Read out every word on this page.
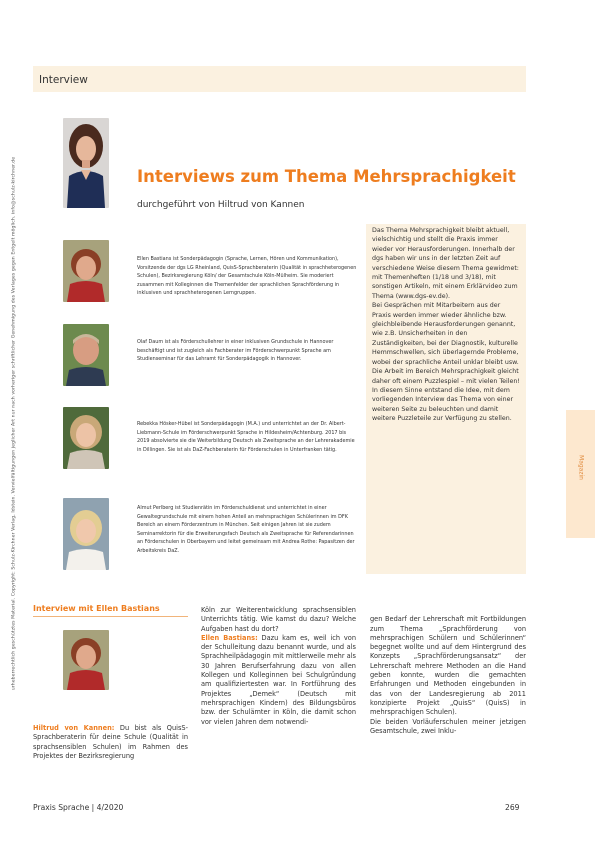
urheberrechtlich geschütztes Material. Copyright: Schulz-Kirchner Verlag, Idstein. Vervielfältigungen jeglicher Art nur nach vorheriger schriftlicher Genehmigung des Verlages gegen Entgelt möglich. info@schulz-kirchner.de
Interview
Interviews zum Thema Mehrsprachigkeit
durchgeführt von Hiltrud von Kannen
Ellen Bastians ist Sonderpädagogin (Sprache, Lernen, Hören und Kommunikation), Vorsitzende der dgs LG Rheinland, QuisS-Sprachberaterin (Qualität in sprachheterogenen Schulen), Bezirksregierung Köln/ der Gesamtschule Köln-Mülheim. Sie moderiert zusammen mit Kolleginnen die Themenfelder der sprachlichen Sprachförderung in inklusiven und sprachheterogenen Lerngruppen.
Olaf Daum ist als Förderschullehrer in einer inklusiven Grundschule in Hannover beschäftigt und ist zugleich als Fachberater im Förderschwerpunkt Sprache am Studienseminar für das Lehramt für Sonderpädagogik in Hannover.
Rebekka Hösker-Hübel ist Sonderpädagogin (M.A.) und unterrichtet an der Dr. Albert-Liebmann-Schule im Förderschwerpunkt Sprache in Hildesheim/Achtenburg. 2017 bis 2019 absolvierte sie die Weiterbildung Deutsch als Zweitsprache an der Lehrerakademie in Dillingen. Sie ist als DaZ-Fachberaterin für Förderschulen in Unterfranken tätig.
Almut Perlberg ist Studienrätin im Förderschuldienst und unterrichtet in einer Gewaltegrundschule mit einem hohen Anteil an mehrsprachigen Schülerinnen im DFK Bereich an einem Förderzentrum in München. Seit einigen Jahren ist sie zudem Seminarrektorin für die Erweiterungsfach Deutsch als Zweitsprache für Referendarinnen an Förderschulen in Oberbayern und leitet gemeinsam mit Andrea Rothe: Papasitzen der Arbeitskreis DaZ.

Das Thema Mehrsprachigkeit bleibt aktuell, vielschichtig und stellt die Praxis immer wieder vor Herausforderungen. Innerhalb der dgs haben wir uns in der letzten Zeit auf verschiedene Weise diesem Thema gewidmet: mit Themenheften (1/18 und 3/18), mit sonstigen Artikeln, mit einem Erklärvideo zum Thema (www.dgs-ev.de).

Bei Gesprächen mit Mitarbeitern aus der Praxis werden immer wieder ähnliche bzw. gleichbleibende Herausforderungen genannt, wie z.B. Unsicherheiten in den Zuständigkeiten, bei der Diagnostik, kulturelle Hemmschwellen, sich überlagernde Probleme, wobei der sprachliche Anteil unklar bleibt usw.

Die Arbeit im Bereich Mehrsprachigkeit gleicht daher oft einem Puzzlespiel – mit vielen Teilen!

In diesem Sinne entstand die Idee, mit dem vorliegenden Interview das Thema von einer weiteren Seite zu beleuchten und damit weitere Puzzleteile zur Verfügung zu stellen.

Magazin
Interview mit Ellen Bastians
Hiltrud von Kannen: Du bist als QuisS-Sprachberaterin für deine Schule (Qualität in sprachsensiblen Schulen) im Rahmen des Projektes der Bezirksregierung
Köln zur Weiterentwicklung sprachsensiblen Unterrichts tätig. Wie kamst du dazu? Welche Aufgaben hast du dort?
Ellen Bastians: Dazu kam es, weil ich von der Schulleitung dazu benannt wurde, und als Sprachheilpädagogin mit mittlerweile mehr als 30 Jahren Berufserfahrung dazu von allen Kollegen und Kolleginnen bei Schulgründung am qualifiziertesten war. In Fortführung des Projektes „Demek“ (Deutsch mit mehrsprachigen Kindern) des Bildungsbüros bzw. der Schulämter in Köln, die damit schon vor vielen Jahren dem notwendi-

gen Bedarf der Lehrerschaft mit Fortbildungen zum Thema „Sprachförderung von mehrsprachigen Schülern und Schülerinnen“ begegnet wollte und auf dem Hintergrund des Konzepts „Sprachförderungsansatz“ der Lehrerschaft mehrere Methoden an die Hand geben konnte, wurden die gemachten Erfahrungen und Methoden eingebunden in das von der Landesregierung ab 2011 konzipierte Projekt „QuisS“ (QuisS) in mehrsprachigen Schulen).
Die beiden Vorläuferschulen meiner jetzigen Gesamtschule, zwei Inklu-

Praxis Sprache | 4/2020	269
